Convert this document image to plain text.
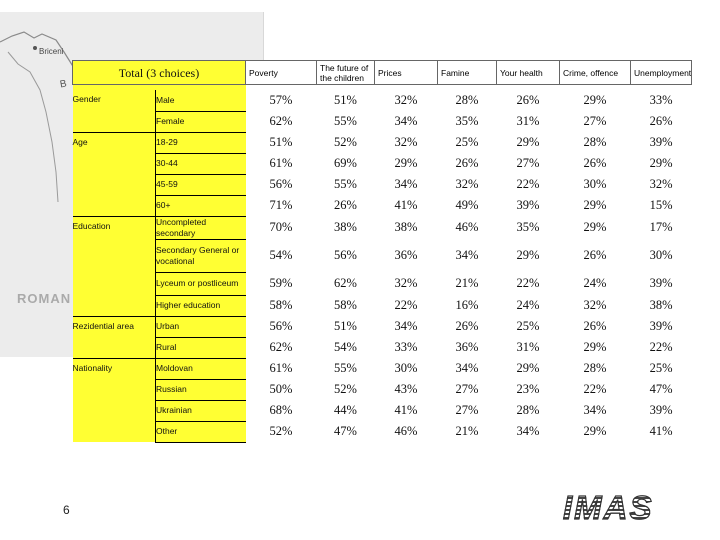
Briceni
B
ROMAN
Total (3 choices)		Poverty	The future of the children	Prices	Famine	Your health	Crime, offence	Unemployment

Gender	Male	57%	51%	32%	28%	26%	29%	33%
	Female	62%	55%	34%	35%	31%	27%	26%
Age	18-29	51%	52%	32%	25%	29%	28%	39%
	30-44	61%	69%	29%	26%	27%	26%	29%
	45-59	56%	55%	34%	32%	22%	30%	32%
	60+	71%	26%	41%	49%	39%	29%	15%
Education	Uncompleted secondary	70%	38%	38%	46%	35%	29%	17%
	Secondary General or vocational	54%	56%	36%	34%	29%	26%	30%
	Lyceum or postliceum	59%	62%	32%	21%	22%	24%	39%
	Higher education	58%	58%	22%	16%	24%	32%	38%
Rezidential area	Urban	56%	51%	34%	26%	25%	26%	39%
	Rural	62%	54%	33%	36%	31%	29%	22%
Nationality	Moldovan	61%	55%	30%	34%	29%	28%	25%
	Russian	50%	52%	43%	27%	23%	22%	47%
	Ukrainian	68%	44%	41%	27%	28%	34%	39%
	Other	52%	47%	46%	21%	34%	29%	41%
6	IMAS
